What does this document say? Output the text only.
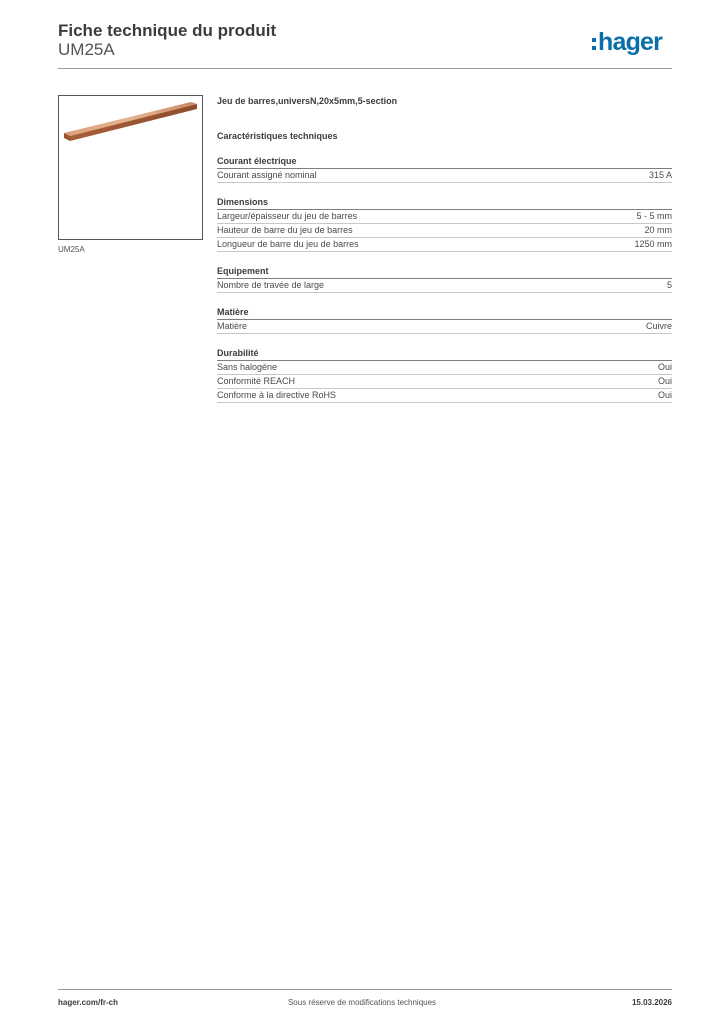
Fiche technique du produit
UM25A	hager
UM25A
Jeu de barres,universN,20x5mm,5-section
Caractéristiques techniques
Courant électrique
Courant assigné nominal	315 A
Dimensions
Largeur/épaisseur du jeu de barres	5 - 5 mm
Hauteur de barre du jeu de barres	20 mm
Longueur de barre du jeu de barres	1250 mm
Equipement
Nombre de travée de large	5
Matière
Matière	Cuivre
Durabilité
Sans halogène	Oui
Conformité REACH	Oui
Conforme à la directive RoHS	Oui
hager.com/fr-ch	Sous réserve de modifications techniques	15.03.2026
